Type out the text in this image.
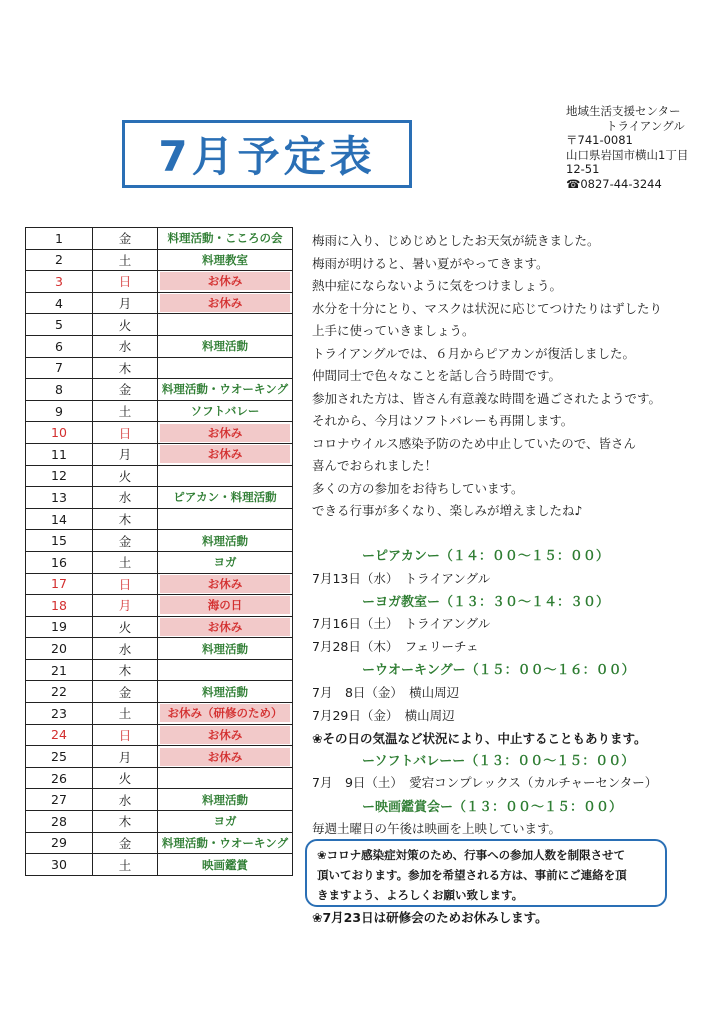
7月予定表
地域生活支援センター
トライアングル
〒741-0081
山口県岩国市横山1丁目
12-51
☎0827-44-3244
1	金	料理活動・こころの会	
2	土	料理教室	
3	日	お休み	

4	月	お休み	

5	火		
6	水	料理活動	
7	木		
8	金	料理活動・ウオーキング	
9	土	ソフトバレー	
10	日	お休み	

11	月	お休み	

12	火		
13	水	ピアカン・料理活動	
14	木		
15	金	料理活動	
16	土	ヨガ	
17	日	お休み	

18	月	海の日	

19	火	お休み	

20	水	料理活動	
21	木		
22	金	料理活動	
23	土	お休み（研修のため）	

24	日	お休み	

25	月	お休み	

26	火		
27	水	料理活動	
28	木	ヨガ	
29	金	料理活動・ウオーキング	
30	土	映画鑑賞	
梅雨に入り、じめじめとしたお天気が続きました。
梅雨が明けると、暑い夏がやってきます。
熱中症にならないように気をつけましょう。
水分を十分にとり、マスクは状況に応じてつけたりはずしたり
上手に使っていきましょう。
トライアングルでは、６月からピアカンが復活しました。
仲間同士で色々なことを話し合う時間です。
参加された方は、皆さん有意義な時間を過ごされたようです。
それから、今月はソフトバレーも再開します。
コロナウイルス感染予防のため中止していたので、皆さん
喜んでおられました！
多くの方の参加をお待ちしています。
できる行事が多くなり、楽しみが増えましたね♪
ーピアカンー（１４：００～１５：００）
7月13日（水）　トライアングル
ーヨガ教室ー（１３：３０～１４：３０）
7月16日（土）　トライアングル
7月28日（木）　フェリーチェ
ーウオーキングー（１５：００～１６：００）
7月　8日（金）　横山周辺
7月29日（金）　横山周辺
❀その日の気温など状況により、中止することもあります。
ーソフトバレーー（１３：００～１５：００）
7月　9日（土）　愛宕コンプレックス（カルチャーセンター）
ー映画鑑賞会ー（１３：００～１５：００）
毎週土曜日の午後は映画を上映しています。
❀コロナ感染症対策のため、行事への参加人数を制限させて
頂いております。参加を希望される方は、事前にご連絡を頂
きますよう、よろしくお願い致します。
❀7月23日は研修会のためお休みします。
